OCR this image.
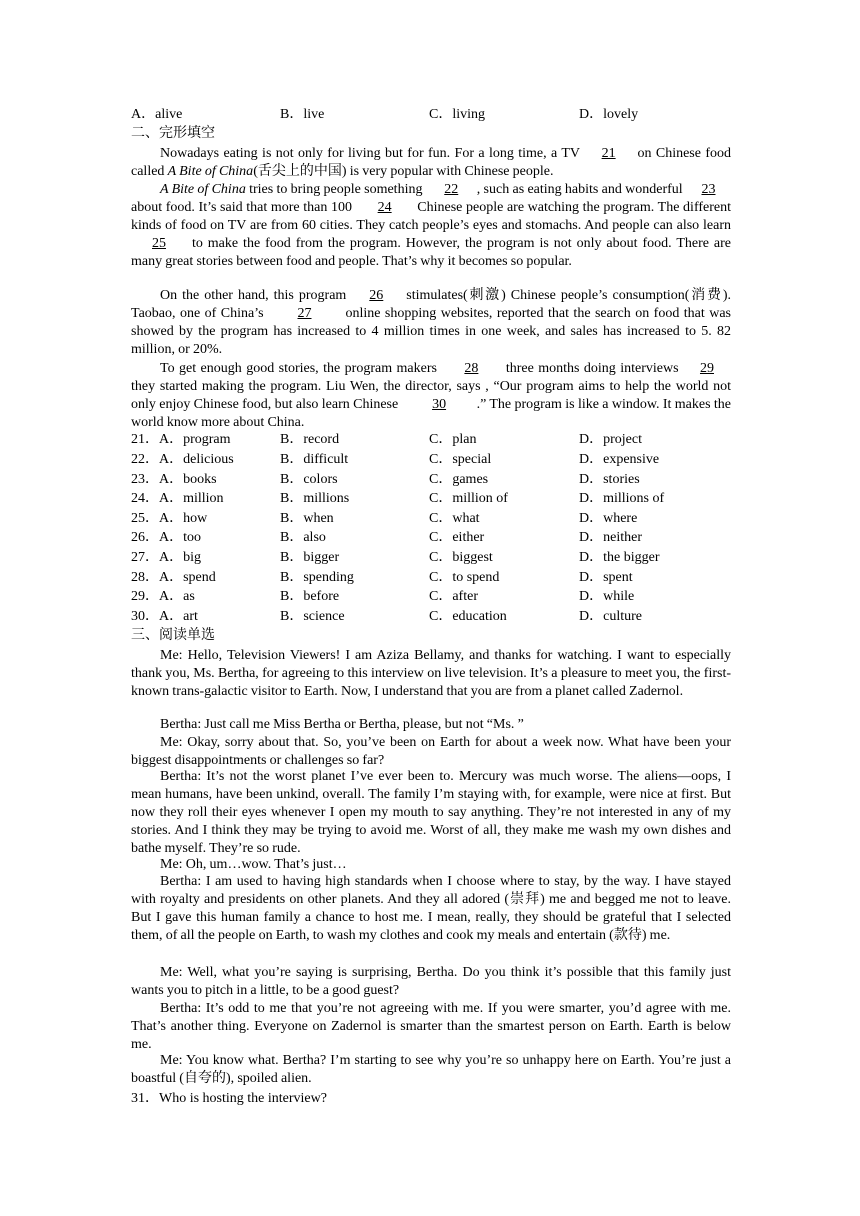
A．alive	B．live	C．living	D．lovely
二、完形填空

Nowadays eating is not only for living but for fun. For a long time, a TV 21 on Chinese food called A Bite of China(舌尖上的中国) is very popular with Chinese people.

A Bite of China tries to bring people something 22 , such as eating habits and wonderful 23 about food. It’s said that more than 100 24 Chinese people are watching the program. The different kinds of food on TV are from 60 cities. They catch people’s eyes and stomachs. And people can also learn 25 to make the food from the program. However, the program is not only about food. There are many great stories between food and people. That’s why it becomes so popular.

On the other hand, this program 26 stimulates(刺激) Chinese people’s consumption(消费). Taobao, one of China’s 27 online shopping websites, reported that the search on food that was showed by the program has increased to 4 million times in one week, and sales has increased to 5. 82 million, or 20%.

To get enough good stories, the program makers 28 three months doing interviews 29 they started making the program. Liu Wen, the director, says , “Our program aims to help the world not only enjoy Chinese food, but also learn Chinese 30 .” The program is like a window. It makes the world know more about China.

21．A．program	B．record	C．plan	D．project
22．A．delicious	B．difficult	C．special	D．expensive
23．A．books	B．colors	C．games	D．stories
24．A．million	B．millions	C．million of	D．millions of
25．A．how	B．when	C．what	D．where
26．A．too	B．also	C．either	D．neither
27．A．big	B．bigger	C．biggest	D．the bigger
28．A．spend	B．spending	C．to spend	D．spent
29．A．as	B．before	C．after	D．while
30．A．art	B．science	C．education	D．culture
三、阅读单选

Me: Hello, Television Viewers! I am Aziza Bellamy, and thanks for watching. I want to especially thank you, Ms. Bertha, for agreeing to this interview on live television. It’s a pleasure to meet you, the first-known trans-galactic visitor to Earth. Now, I understand that you are from a planet called Zadernol.

Bertha: Just call me Miss Bertha or Bertha, please, but not “Ms. ”

Me: Okay, sorry about that. So, you’ve been on Earth for about a week now. What have been your biggest disappointments or challenges so far?

Bertha: It’s not the worst planet I’ve ever been to. Mercury was much worse. The aliens—oops, I mean humans, have been unkind, overall. The family I’m staying with, for example, were nice at first. But now they roll their eyes whenever I open my mouth to say anything. They’re not interested in any of my stories. And I think they may be trying to avoid me. Worst of all, they make me wash my own dishes and bathe myself. They’re so rude.

Me: Oh, um…wow. That’s just…

Bertha: I am used to having high standards when I choose where to stay, by the way. I have stayed with royalty and presidents on other planets. And they all adored (崇拜) me and begged me not to leave. But I gave this human family a chance to host me. I mean, really, they should be grateful that I selected them, of all the people on Earth, to wash my clothes and cook my meals and entertain (款待) me.

Me: Well, what you’re saying is surprising, Bertha. Do you think it’s possible that this family just wants you to pitch in a little, to be a good guest?

Bertha: It’s odd to me that you’re not agreeing with me. If you were smarter, you’d agree with me. That’s another thing. Everyone on Zadernol is smarter than the smartest person on Earth. Earth is below me.

Me: You know what. Bertha? I’m starting to see why you’re so unhappy here on Earth. You’re just a boastful (自夸的), spoiled alien.

31．Who is hosting the interview?
